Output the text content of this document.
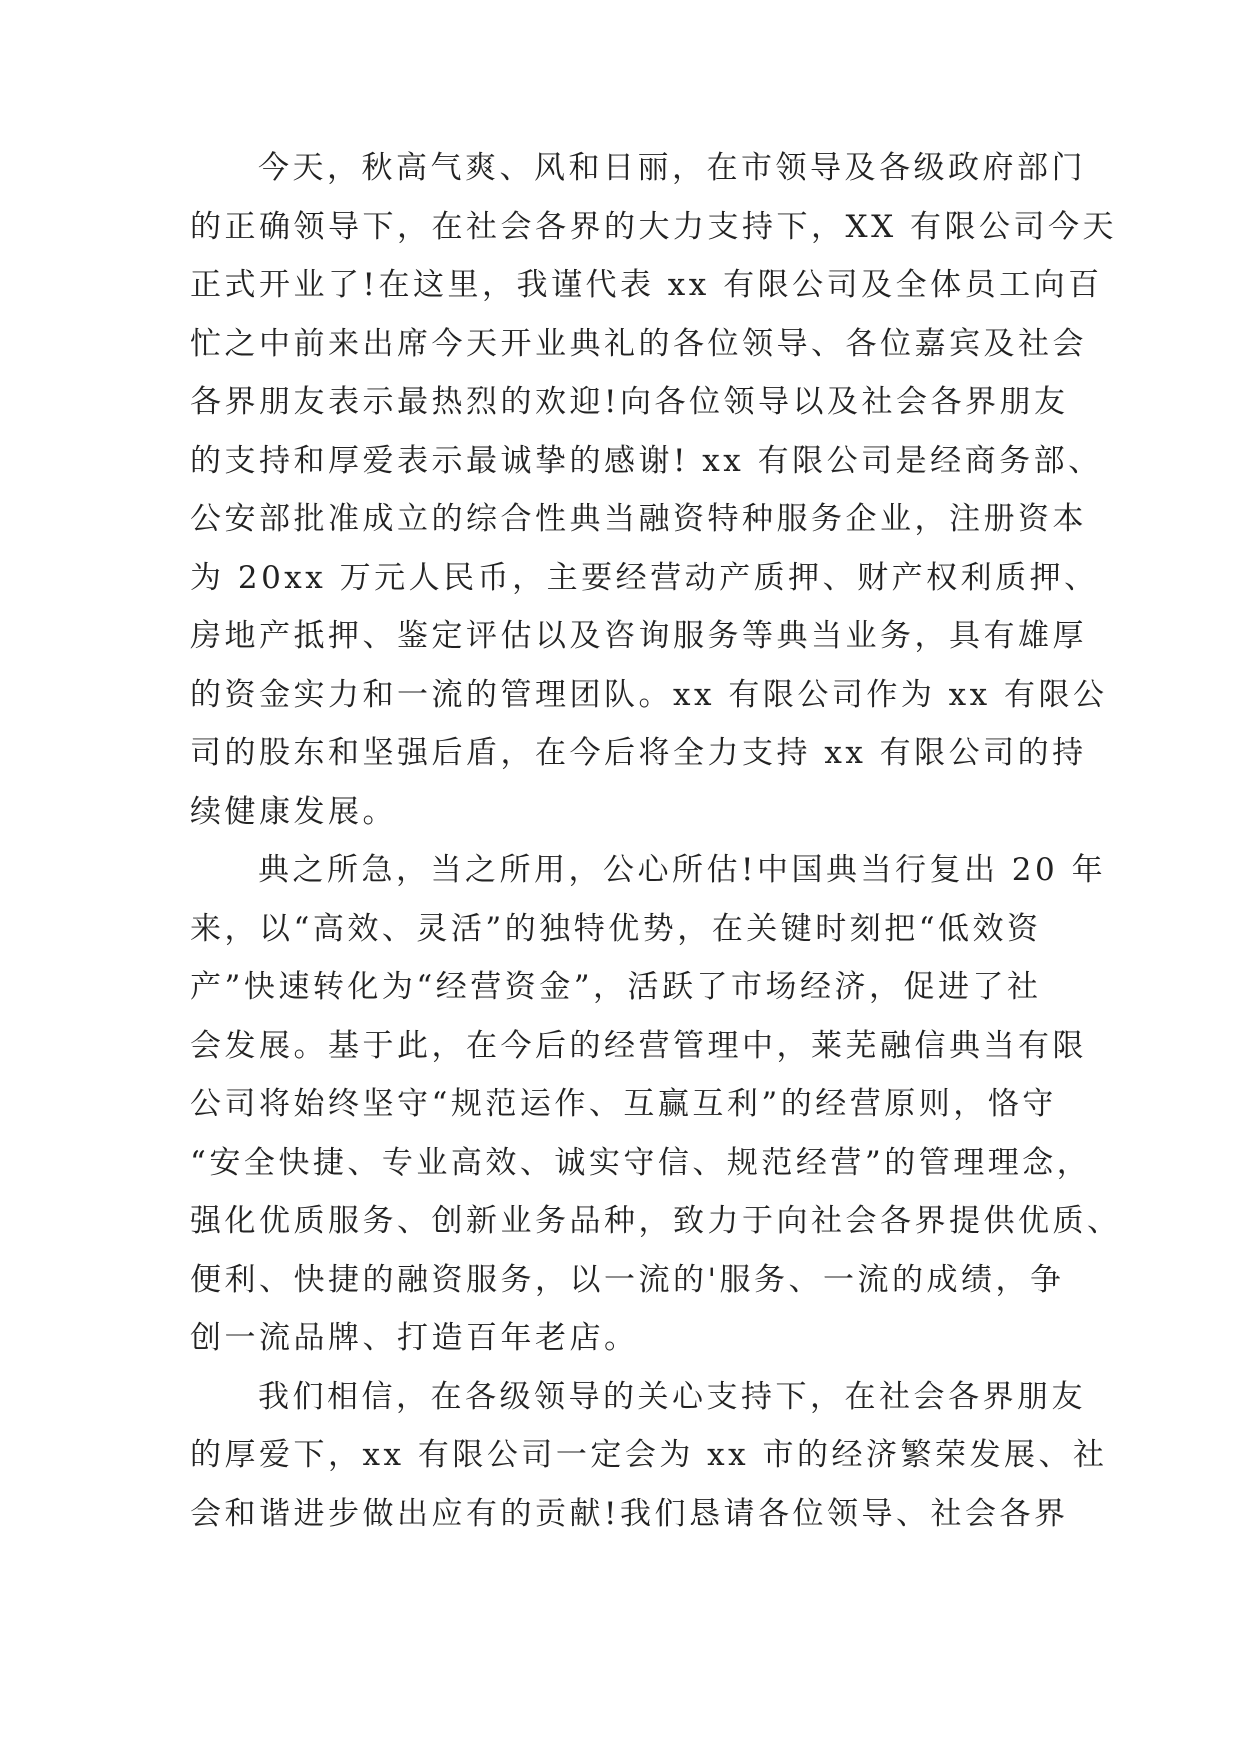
今天，秋高气爽、风和日丽，在市领导及各级政府部门
的正确领导下，在社会各界的大力支持下，XX 有限公司今天
正式开业了!在这里，我谨代表 xx 有限公司及全体员工向百
忙之中前来出席今天开业典礼的各位领导、各位嘉宾及社会
各界朋友表示最热烈的欢迎!向各位领导以及社会各界朋友
的支持和厚爱表示最诚挚的感谢! xx 有限公司是经商务部、
公安部批准成立的综合性典当融资特种服务企业，注册资本
为 20xx 万元人民币，主要经营动产质押、财产权利质押、
房地产抵押、鉴定评估以及咨询服务等典当业务，具有雄厚
的资金实力和一流的管理团队。xx 有限公司作为 xx 有限公
司的股东和坚强后盾，在今后将全力支持 xx 有限公司的持
续健康发展。
典之所急，当之所用，公心所估!中国典当行复出 20 年
来，以“高效、灵活”的独特优势，在关键时刻把“低效资
产”快速转化为“经营资金”，活跃了市场经济，促进了社
会发展。基于此，在今后的经营管理中，莱芜融信典当有限
公司将始终坚守“规范运作、互赢互利”的经营原则，恪守
“安全快捷、专业高效、诚实守信、规范经营”的管理理念，
强化优质服务、创新业务品种，致力于向社会各界提供优质、
便利、快捷的融资服务，以一流的'服务、一流的成绩，争
创一流品牌、打造百年老店。
我们相信，在各级领导的关心支持下，在社会各界朋友
的厚爱下，xx 有限公司一定会为 xx 市的经济繁荣发展、社
会和谐进步做出应有的贡献!我们恳请各位领导、社会各界
